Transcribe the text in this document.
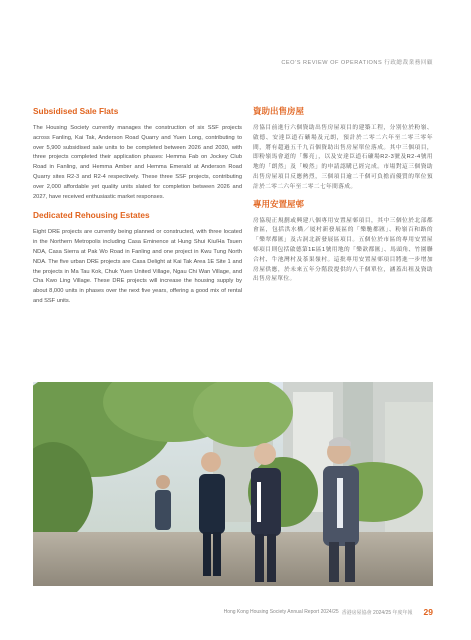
CEO’S REVIEW OF OPERATIONS 行政總裁業務回顧
Subsidised Sale Flats

The Housing Society currently manages the construction of six SSF projects across Fanling, Kai Tak, Anderson Road Quarry and Yuen Long, contributing to over 5,900 subsidised sale units to be completed between 2026 and 2030, with three projects completed their application phases: Hemma Fab on Jockey Club Road in Fanling, and Hemma Amber and Hemma Emerald at Anderson Road Quarry sites R2-3 and R2-4 respectively. These three SSF projects, contributing over 2,000 affordable yet quality units slated for completion between 2026 and 2027, have received enthusiastic market responses.

Dedicated Rehousing Estates

Eight DRE projects are currently being planned or constructed, with three located in the Northern Metropolis including Casa Eminence at Hung Shui Kiu/Ha Tsuen NDA, Casa Sierra at Pak Wo Road in Fanling and one project in Kwu Tung North NDA. The five urban DRE projects are Casa Delight at Kai Tak Area 1E Site 1 and the projects in Ma Tau Kok, Chuk Yuen United Village, Ngau Chi Wan Village, and Cha Kwo Ling Village. These DRE projects will increase the housing supply by about 8,000 units in phases over the next five years, offering a good mix of rental and SSF units.

資助出售房屋

房協目前進行六個資助出售房屋項目的建築工程，分別位於粉嶺、啟德、安達臣道石礦場及元朗，預計於二零二六年至二零三零年間，將有超過五千九百個資助出售房屋單位落成。其中三個項目，即粉嶺馬會道的「馨亮」，以及安達臣道石礦場R2-3號及R2-4號用地的「朗然」及「峻然」的申請認購已經完成。市場對這三個資助出售房屋項目反應熱烈，三個項目逾二千個可負擔而優質的單位預計於二零二六年至二零二七年間落成。

專用安置屋邨

房協現正規劃或興建八個專用安置屋邨項目，其中三個位於北部都會區，包括洪水橋／厦村新發展區的「樂馳都匯」、粉嶺百和路的「樂翠都匯」及古洞北新發展區項目。五個位於市區的專用安置屋邨項目則包括啟德第1E區1號用地的「樂歆都匯」、馬頭角、竹園聯合村、牛池灣村及茶果嶺村。這批專用安置屋邨項目將進一步增加房屋供應，於未來五年分階段提供約八千個單位，涵蓋出租及資助出售房屋單位。

Hong Kong Housing Society Annual Report 2024/25 香港房屋協會 2024/25 年度年報 29
